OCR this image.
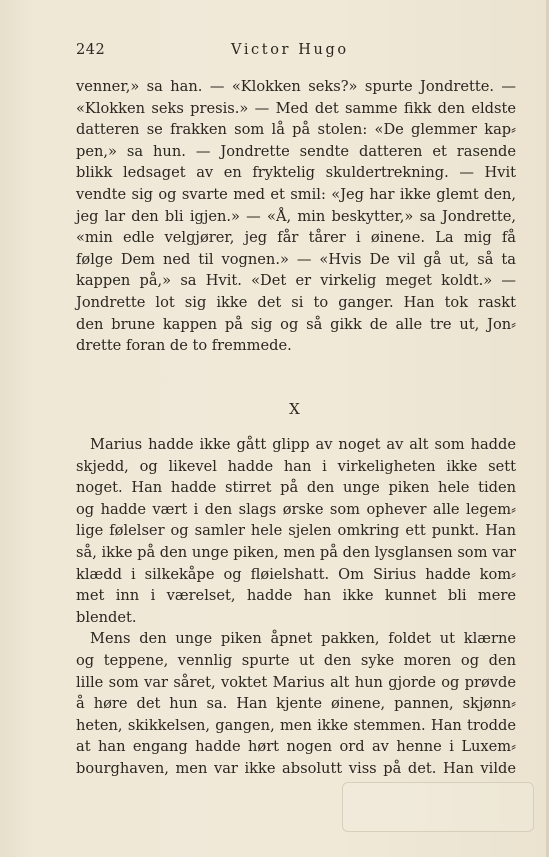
242	Victor Hugo
venner,» sa han. — «Klokken seks?» spurte Jondrette. —
«Klokken seks presis.» — Med det samme fikk den eldste
datteren se frakken som lå på stolen: «De glemmer kap⸗
pen,» sa hun. — Jondrette sendte datteren et rasende
blikk ledsaget av en fryktelig skuldertrekning. — Hvit
vendte sig og svarte med et smil: «Jeg har ikke glemt den,
jeg lar den bli igjen.» — «Å, min beskytter,» sa Jondrette,
«min edle velgjører, jeg får tårer i øinene. La mig få
følge Dem ned til vognen.» — «Hvis De vil gå ut, så ta
kappen på,» sa Hvit. «Det er virkelig meget koldt.» —
Jondrette lot sig ikke det si to ganger. Han tok raskt
den brune kappen på sig og så gikk de alle tre ut, Jon⸗
drette foran de to fremmede.
X
Marius hadde ikke gått glipp av noget av alt som hadde
skjedd, og likevel hadde han i virkeligheten ikke sett
noget. Han hadde stirret på den unge piken hele tiden
og hadde vært i den slags ørske som ophever alle legem⸗
lige følelser og samler hele sjelen omkring ett punkt. Han
så, ikke på den unge piken, men på den lysglansen som var
klædd i silkekåpe og fløielshatt. Om Sirius hadde kom⸗
met inn i værelset, hadde han ikke kunnet bli mere
blendet.
Mens den unge piken åpnet pakken, foldet ut klærne
og teppene, vennlig spurte ut den syke moren og den
lille som var såret, voktet Marius alt hun gjorde og prøvde
å høre det hun sa. Han kjente øinene, pannen, skjønn⸗
heten, skikkelsen, gangen, men ikke stemmen. Han trodde
at han engang hadde hørt nogen ord av henne i Luxem⸗
bourghaven, men var ikke absolutt viss på det. Han vilde
